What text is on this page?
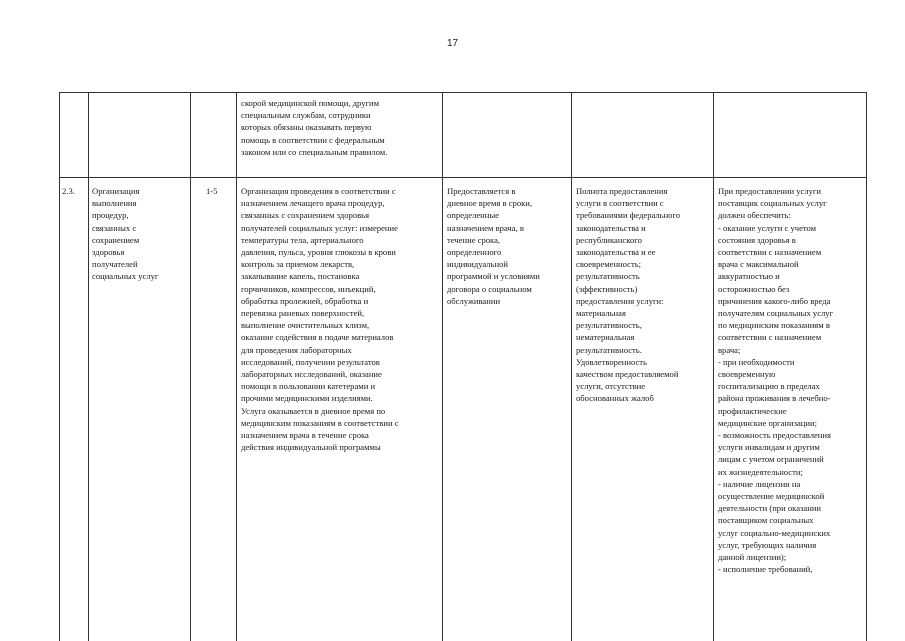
17
скорой медицинской помощи, другим
специальным службам, сотрудники
которых обязаны оказывать первую
помощь в соответствии с федеральным
законом или со специальным правилом.
2.3.	Организация
выполнения
процедур,
связанных с
сохранением
здоровья
получателей
социальных услуг
1-5	Организация проведения в соответствии с
назначением лечащего врача процедур,
связанных с сохранением здоровья
получателей социальных услуг: измерение
температуры тела, артериального
давления, пульса, уровня глюкозы в крови
контроль за приемом лекарств,
закапывание капель, постановка
горчичников, компрессов, инъекций,
обработка пролежней, обработка и
перевязка раневых поверхностей,
выполнение очистительных клизм,
оказание содействия в подаче материалов
для проведения лабораторных
исследований, получении результатов
лабораторных исследований, оказание
помощи в пользовании катетерами и
прочими медицинскими изделиями.
Услуга оказывается в дневное время по
медицинским показаниям в соответствии с
назначением врача в течение срока
действия индивидуальной программы
Предоставляется в
дневное время в сроки,
определенные
назначением врача, в
течение срока,
определенного
индивидуальной
программой и условиями
договора о социальном
обслуживании
Полнота предоставления
услуги в соответствии с
требованиями федерального
законодательства и
республиканского
законодательства и ее
своевременность;
результативность
(эффективность)
предоставления услуги:
материальная
результативность,
нематериальная
результативность.
Удовлетворенность
качеством предоставляемой
услуги, отсутствие
обоснованных жалоб
При предоставлении услуги
поставщик социальных услуг
должен обеспечить:
- оказание услуги с учетом
состояния здоровья в
соответствии с назначением
врача с максимальной
аккуратностью и
осторожностью без
причинения какого-либо вреда
получателям социальных услуг
по медицинским показаниям в
соответствии с назначением
врача;
- при необходимости
своевременную
госпитализацию в пределах
района проживания в лечебно-
профилактические
медицинские организации;
- возможность предоставления
услуги инвалидам и другим
лицам с учетом ограничений
их жизнедеятельности;
- наличие лицензии на
осуществление медицинской
деятельности (при оказании
поставщиком социальных
услуг социально-медицинских
услуг, требующих наличия
данной лицензии);
- исполнение требований,
